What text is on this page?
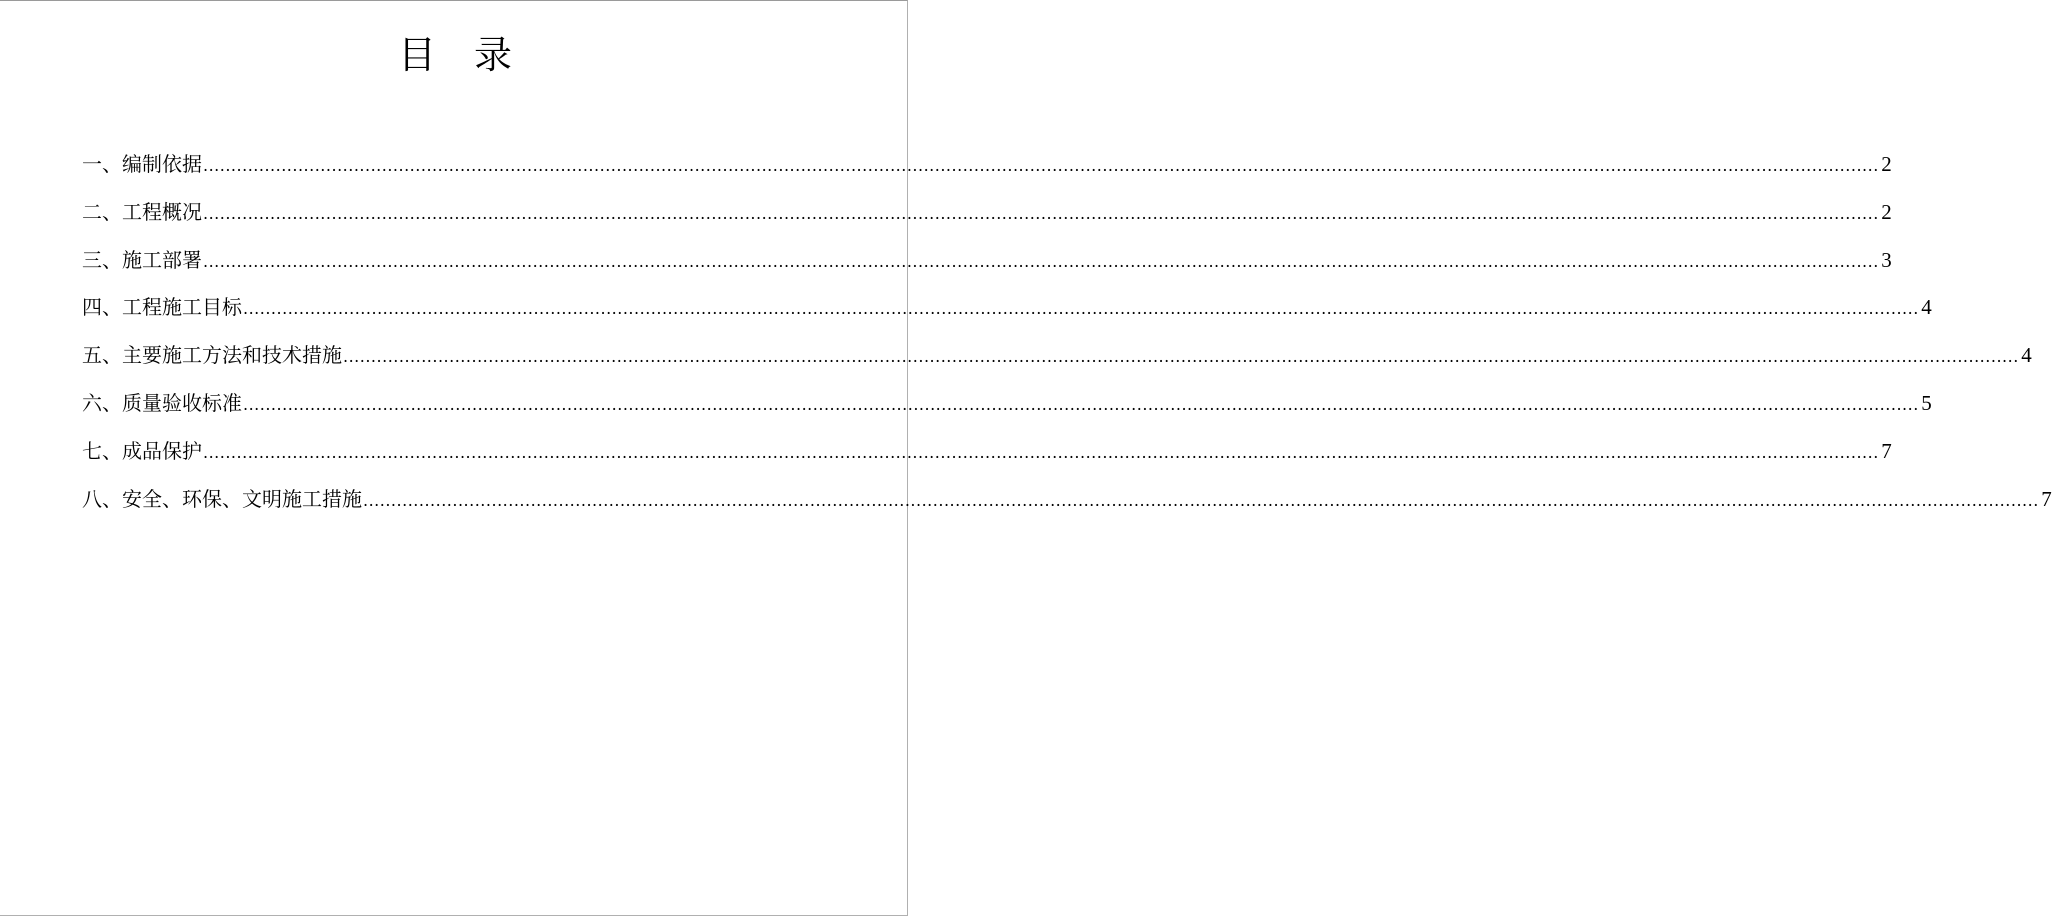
目　录
一、编制依据 ............................................................................................................................................................................................................................................................................................................ 2
二、工程概况 ............................................................................................................................................................................................................................................................................................................ 2
三、施工部署 ............................................................................................................................................................................................................................................................................................................ 3
四、工程施工目标 ............................................................................................................................................................................................................................................................................................................ 4
五、主要施工方法和技术措施 ............................................................................................................................................................................................................................................................................................................ 4
六、质量验收标准 ............................................................................................................................................................................................................................................................................................................ 5
七、成品保护 ............................................................................................................................................................................................................................................................................................................ 7
八、安全、环保、文明施工措施 ............................................................................................................................................................................................................................................................................................................ 7
